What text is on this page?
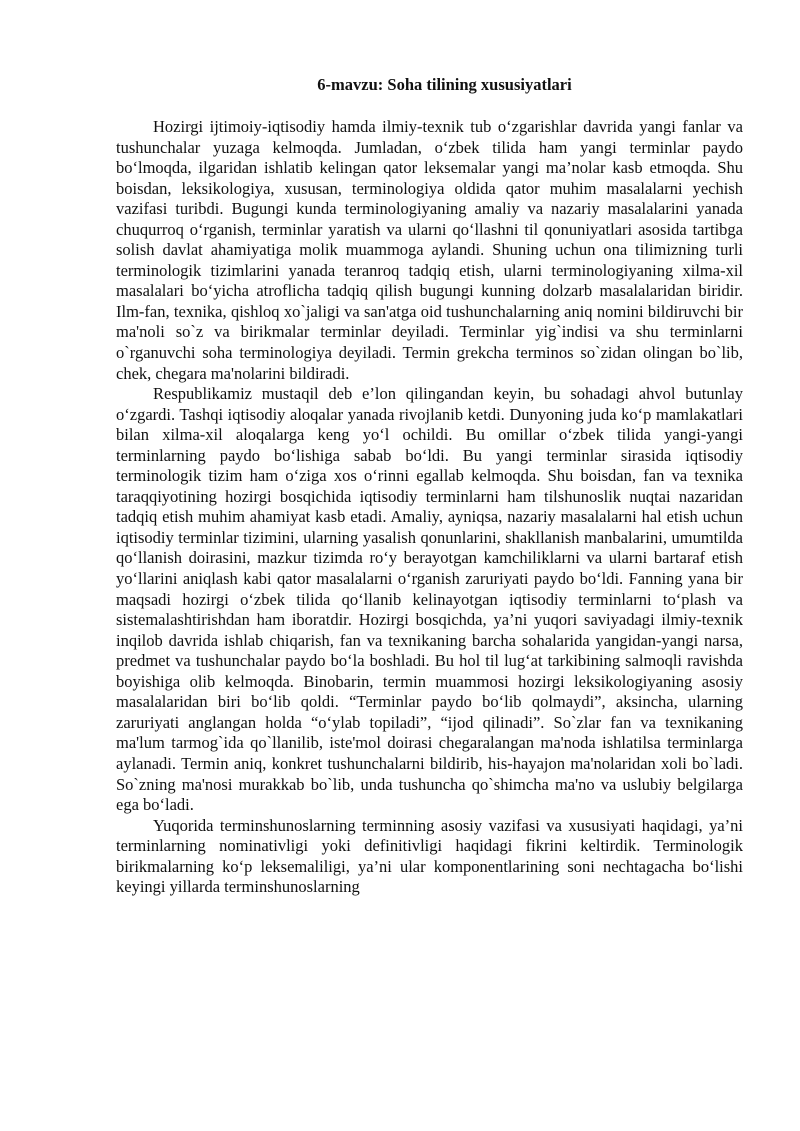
6-mavzu: Soha tilining xususiyatlari

Hozirgi ijtimoiy-iqtisodiy hamda ilmiy-texnik tub o‘zgarishlar davrida yangi fanlar va tushunchalar yuzaga kelmoqda. Jumladan, o‘zbek tilida ham yangi terminlar paydo bo‘lmoqda, ilgaridan ishlatib kelingan qator leksemalar yangi ma’nolar kasb etmoqda. Shu boisdan, leksikologiya, xususan, terminologiya oldida qator muhim masalalarni yechish vazifasi turibdi. Bugungi kunda terminologiyaning amaliy va nazariy masalalarini yanada chuqurroq o‘rganish, terminlar yaratish va ularni qo‘llashni til qonuniyatlari asosida tartibga solish davlat ahamiyatiga molik muammoga aylandi. Shuning uchun ona tilimizning turli terminologik tizimlarini yanada teranroq tadqiq etish, ularni terminologiyaning xilma-xil masalalari bo‘yicha atroflicha tadqiq qilish bugungi kunning dolzarb masalalaridan biridir. Ilm-fan, texnika, qishloq xo`jaligi va san'atga oid tushunchalarning aniq nomini bildiruvchi bir ma'noli so`z va birikmalar terminlar deyiladi. Terminlar yig`indisi va shu terminlarni o`rganuvchi soha terminologiya deyiladi. Termin grekcha terminos so`zidan olingan bo`lib, chek, chegara ma'nolarini bildiradi.

Respublikamiz mustaqil deb e’lon qilingandan keyin, bu sohadagi ahvol butunlay o‘zgardi. Tashqi iqtisodiy aloqalar yanada rivojlanib ketdi. Dunyoning juda ko‘p mamlakatlari bilan xilma-xil aloqalarga keng yo‘l ochildi. Bu omillar o‘zbek tilida yangi-yangi terminlarning paydo bo‘lishiga sabab bo‘ldi. Bu yangi terminlar sirasida iqtisodiy terminologik tizim ham o‘ziga xos o‘rinni egallab kelmoqda. Shu boisdan, fan va texnika taraqqiyotining hozirgi bosqichida iqtisodiy terminlarni ham tilshunoslik nuqtai nazaridan tadqiq etish muhim ahamiyat kasb etadi. Amaliy, ayniqsa, nazariy masalalarni hal etish uchun iqtisodiy terminlar tizimini, ularning yasalish qonunlarini, shakllanish manbalarini, umumtilda qo‘llanish doirasini, mazkur tizimda ro‘y berayotgan kamchiliklarni va ularni bartaraf etish yo‘llarini aniqlash kabi qator masalalarni o‘rganish zaruriyati paydo bo‘ldi. Fanning yana bir maqsadi hozirgi o‘zbek tilida qo‘llanib kelinayotgan iqtisodiy terminlarni to‘plash va sistemalashtirishdan ham iboratdir. Hozirgi bosqichda, ya’ni yuqori saviyadagi ilmiy-texnik inqilob davrida ishlab chiqarish, fan va texnikaning barcha sohalarida yangidan-yangi narsa, predmet va tushunchalar paydo bo‘la boshladi. Bu hol til lug‘at tarkibining salmoqli ravishda boyishiga olib kelmoqda. Binobarin, termin muammosi hozirgi leksikologiyaning asosiy masalalaridan biri bo‘lib qoldi. “Terminlar paydo bo‘lib qolmaydi”, aksincha, ularning zaruriyati anglangan holda “o‘ylab topiladi”, “ijod qilinadi”. So`zlar fan va texnikaning ma'lum tarmog`ida qo`llanilib, iste'mol doirasi chegaralangan ma'noda ishlatilsa terminlarga aylanadi. Termin aniq, konkret tushunchalarni bildirib, his-hayajon ma'nolaridan xoli bo`ladi. So`zning ma'nosi murakkab bo`lib, unda tushuncha qo`shimcha ma'no va uslubiy belgilarga ega bo‘ladi.

Yuqorida terminshunoslarning terminning asosiy vazifasi va xususiyati haqidagi, ya’ni terminlarning nominativligi yoki definitivligi haqidagi fikrini keltirdik. Terminologik birikmalarning ko‘p leksemaliligi, ya’ni ular komponentlarining soni nechtagacha bo‘lishi keyingi yillarda terminshunoslarning
